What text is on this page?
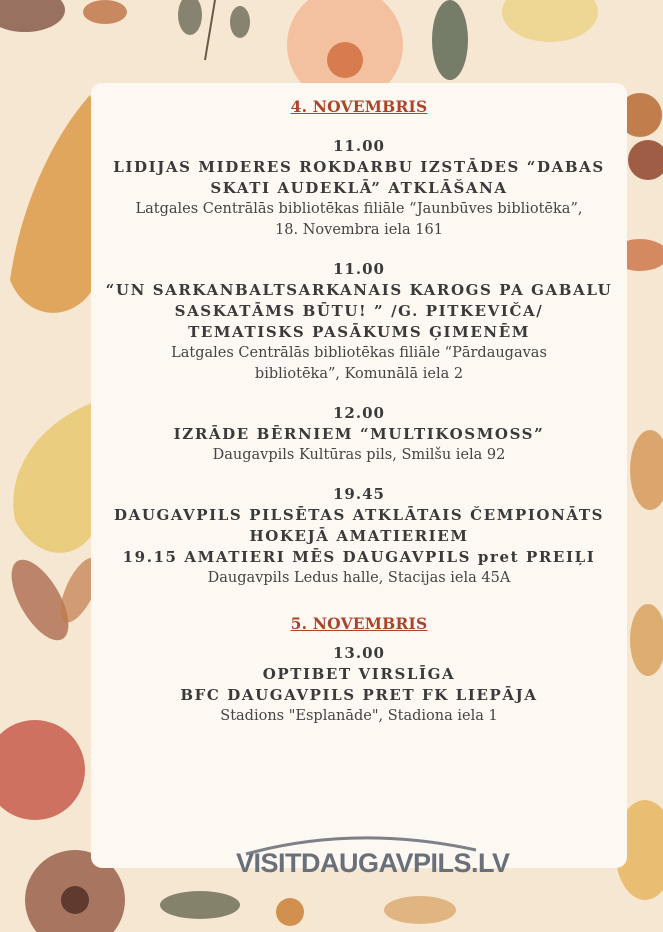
4. NOVEMBRIS
11.00
LIDIJAS MIDERES ROKDARBU IZSTĀDES “DABAS
SKATI AUDEKLĀ” ATKLĀŠANA
Latgales Centrālās bibliotēkas filiāle “Jaunbūves bibliotēka”,
18. Novembra iela 161
11.00
“UN SARKANBALTSARKANAIS KAROGS PA GABALU
SASKATĀMS BŪTU! ” /G. PITKEVIČA/
TEMATISKS PASĀKUMS ĢIMENĒM
Latgales Centrālās bibliotēkas filiāle “Pārdaugavas
bibliotēka”, Komunālā iela 2
12.00
IZRĀDE BĒRNIEM “MULTIKOSMOSS”
Daugavpils Kultūras pils, Smilšu iela 92
19.45
DAUGAVPILS PILSĒTAS ATKLĀTAIS ČEMPIONĀTS
HOKEJĀ AMATIERIEM
19.15 AMATIERI MĒS DAUGAVPILS pret PREIĻI
Daugavpils Ledus halle, Stacijas iela 45A
5. NOVEMBRIS
13.00
OPTIBET VIRSLĪGA
BFC DAUGAVPILS PRET FK LIEPĀJA
Stadions "Esplanāde", Stadiona iela 1
VISITDAUGAVPILS.LV
